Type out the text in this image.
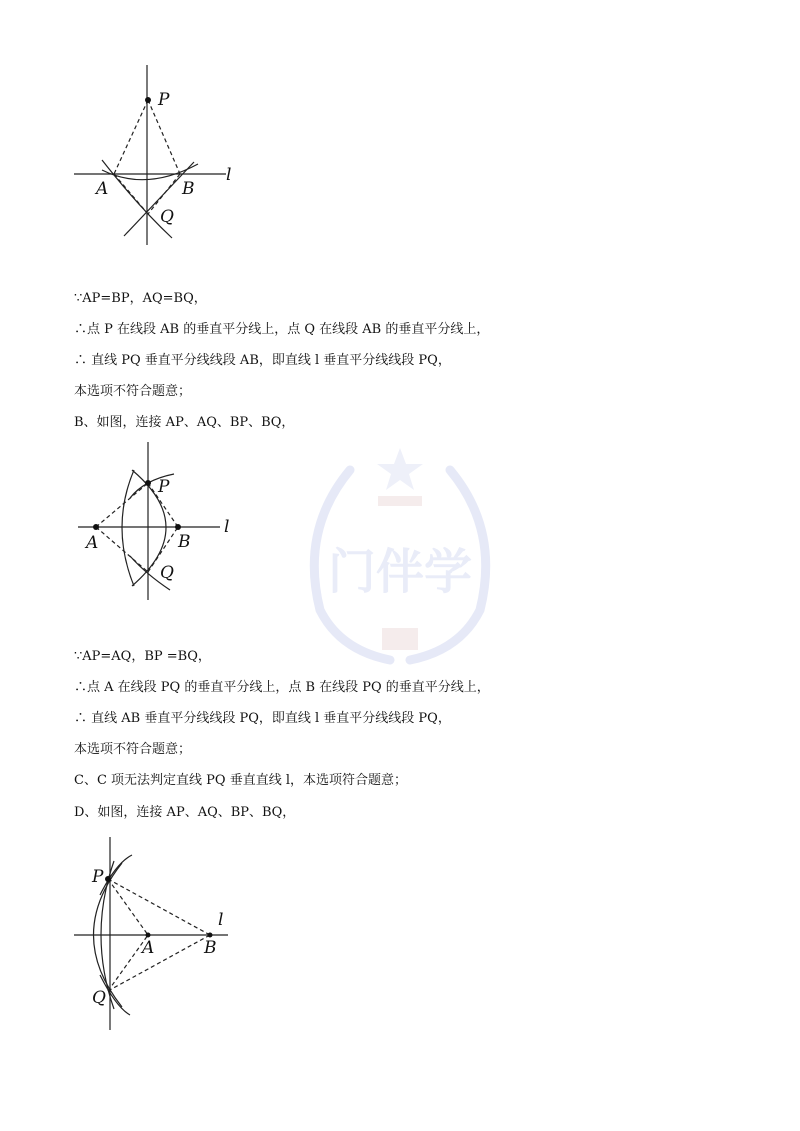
门伴学
P
A	B
Q
l
∵AP=BP，AQ=BQ，
∴点 P 在线段 AB 的垂直平分线上，点 Q 在线段 AB 的垂直平分线上，
∴ 直线 PQ 垂直平分线线段 AB，即直线 l 垂直平分线线段 PQ，
本选项不符合题意；
B、如图，连接 AP、AQ、BP、BQ，
P
A	B
Q
l
∵AP=AQ，BP =BQ，
∴点 A 在线段 PQ 的垂直平分线上，点 B 在线段 PQ 的垂直平分线上，
∴ 直线 AB 垂直平分线线段 PQ，即直线 l 垂直平分线线段 PQ，
本选项不符合题意；
C、C 项无法判定直线 PQ 垂直直线 l，本选项符合题意；
D、如图，连接 AP、AQ、BP、BQ，
P
A	B
Q
l
